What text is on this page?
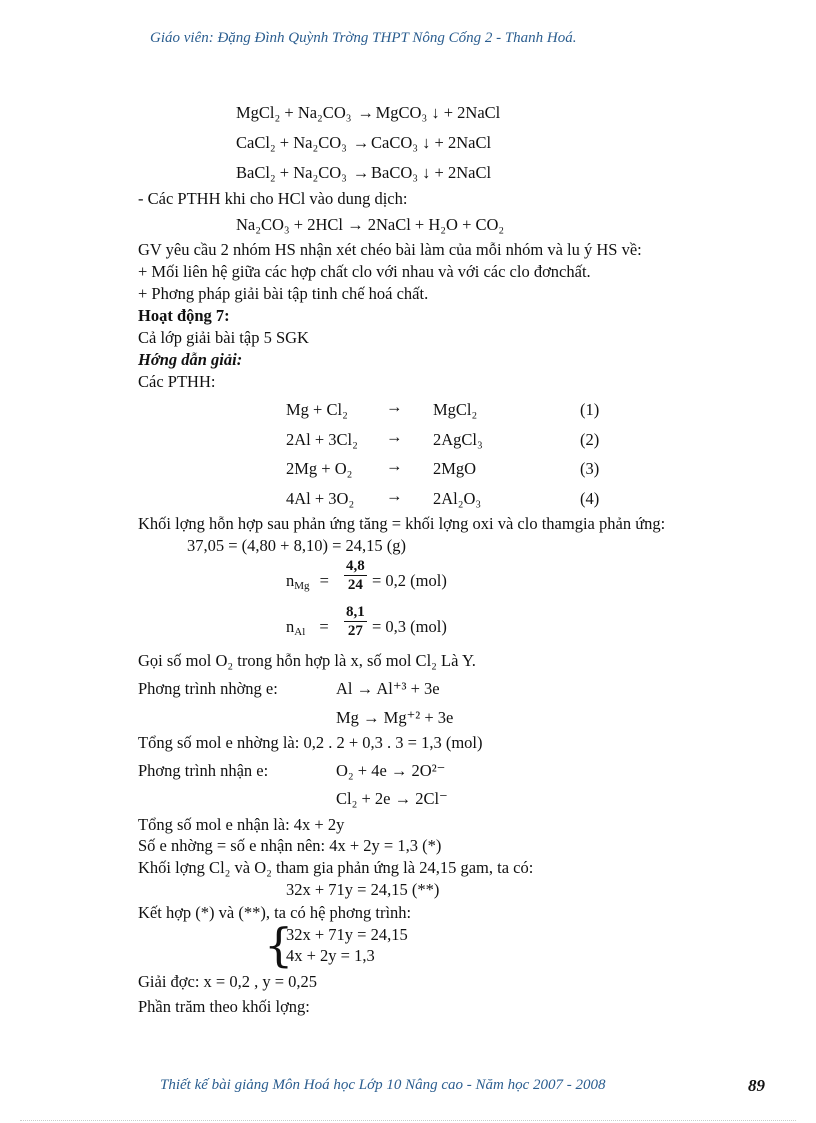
Giáo viên: Đặng Đình Quỳnh Trờng THPT Nông Cống 2 - Thanh Hoá.
MgCl₂ + Na₂CO₃ → MgCO₃ ↓ + 2NaCl
CaCl₂ + Na₂CO₃ → CaCO₃ ↓ + 2NaCl
BaCl₂ + Na₂CO₃ → BaCO₃ ↓ + 2NaCl
- Các PTHH khi cho HCl vào dung dịch:
Na₂CO₃ + 2HCl → 2NaCl + H₂O + CO₂
GV yêu cầu 2 nhóm HS nhận xét chéo bài làm của mỗi nhóm và lu ý HS về:
+ Mối liên hệ giữa các hợp chất clo với nhau và với các clo đơnchất.
+ Phơng pháp giải bài tập tinh chế hoá chất.
Hoạt động 7:
Cả lớp giải bài tập 5 SGK
Hớng dẫn giải:
Các PTHH:
Mg + Cl₂ → MgCl₂	(1)
2Al + 3Cl₂ → 2AgCl₃	(2)
2Mg + O₂ → 2MgO	(3)
4Al + 3O₂ → 2Al₂O₃	(4)
Khối lợng hỗn hợp sau phản ứng tăng = khối lợng oxi và clo thamgia phản ứng:
37,05 = (4,80 + 8,10) = 24,15 (g)
nMg = $\frac{4,8}{24} = 0,2$ (mol)
nAl = $\frac{8,1}{27} = 0,3$ (mol)
Gọi số mol O₂ trong hỗn hợp là x, số mol Cl₂ Là Y.
Phơng trình nhờng e:	Al → Al⁺³ + 3e
Mg → Mg⁺² + 3e
Tổng số mol e nhờng là: 0,2 . 2 + 0,3 . 3 = 1,3 (mol)
Phơng trình nhận e:	O₂ + 4e → 2O²⁻
Cl₂ + 2e → 2Cl⁻
Tổng số mol e nhận là: 4x + 2y
Số e nhờng = số e nhận nên: 4x + 2y = 1,3 (*)
Khối lợng Cl₂ và O₂ tham gia phản ứng là 24,15 gam, ta có:
32x + 71y = 24,15 (**)
Kết hợp (*) và (**), ta có hệ phơng trình:
{
32x + 71y = 24,15
4x + 2y = 1,3
Giải đợc: x = 0,2 , y = 0,25
Phần trăm theo khối lợng:
Thiết kế bài giảng Môn Hoá học Lớp 10 Nâng cao - Năm học 2007 - 2008	89
